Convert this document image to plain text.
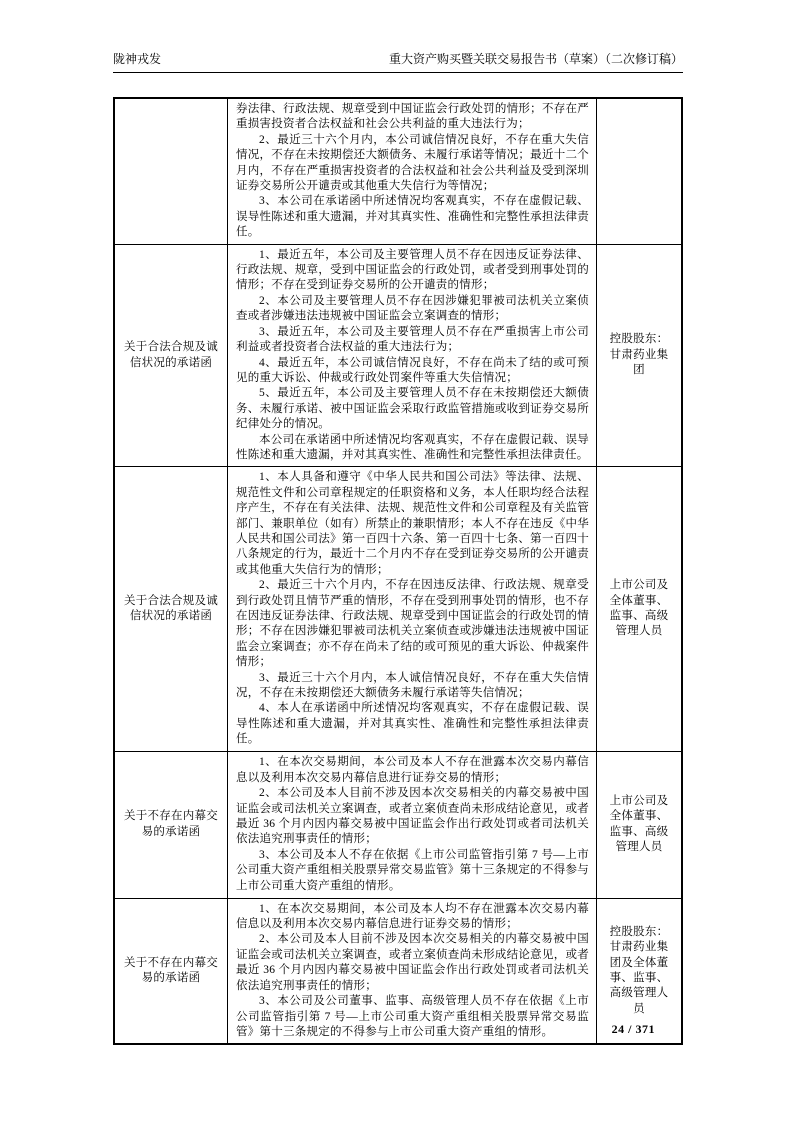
陇神戎发	重大资产购买暨关联交易报告书（草案）（二次修订稿）

券法律、行政法规、规章受到中国证监会行政处罚的情形；不存在严重损害投资者合法权益和社会公共利益的重大违法行为；

2、最近三十六个月内，本公司诚信情况良好，不存在重大失信情况，不存在未按期偿还大额债务、未履行承诺等情况；最近十二个月内，不存在严重损害投资者的合法权益和社会公共利益及受到深圳证券交易所公开谴责或其他重大失信行为等情况；

3、本公司在承诺函中所述情况均客观真实，不存在虚假记载、误导性陈述和重大遗漏，并对其真实性、准确性和完整性承担法律责任。

关于合法合规及诚信状况的承诺函

1、最近五年，本公司及主要管理人员不存在因违反证券法律、行政法规、规章，受到中国证监会的行政处罚，或者受到刑事处罚的情形；不存在受到证券交易所的公开谴责的情形；

2、本公司及主要管理人员不存在因涉嫌犯罪被司法机关立案侦查或者涉嫌违法违规被中国证监会立案调查的情形；

3、最近五年，本公司及主要管理人员不存在严重损害上市公司利益或者投资者合法权益的重大违法行为；

4、最近五年，本公司诚信情况良好，不存在尚未了结的或可预见的重大诉讼、仲裁或行政处罚案件等重大失信情况；

5、最近五年，本公司及主要管理人员不存在未按期偿还大额债务、未履行承诺、被中国证监会采取行政监管措施或收到证券交易所纪律处分的情况。

本公司在承诺函中所述情况均客观真实，不存在虚假记载、误导性陈述和重大遗漏，并对其真实性、准确性和完整性承担法律责任。

控股股东：甘肃药业集团
关于合法合规及诚信状况的承诺函

1、本人具备和遵守《中华人民共和国公司法》等法律、法规、规范性文件和公司章程规定的任职资格和义务，本人任职均经合法程序产生，不存在有关法律、法规、规范性文件和公司章程及有关监管部门、兼职单位（如有）所禁止的兼职情形；本人不存在违反《中华人民共和国公司法》第一百四十六条、第一百四十七条、第一百四十八条规定的行为，最近十二个月内不存在受到证券交易所的公开谴责或其他重大失信行为的情形；

2、最近三十六个月内，不存在因违反法律、行政法规、规章受到行政处罚且情节严重的情形，不存在受到刑事处罚的情形，也不存在因违反证券法律、行政法规、规章受到中国证监会的行政处罚的情形；不存在因涉嫌犯罪被司法机关立案侦查或涉嫌违法违规被中国证监会立案调查；亦不存在尚未了结的或可预见的重大诉讼、仲裁案件情形；

3、最近三十六个月内，本人诚信情况良好，不存在重大失信情况，不存在未按期偿还大额债务未履行承诺等失信情况；

4、本人在承诺函中所述情况均客观真实，不存在虚假记载、误导性陈述和重大遗漏，并对其真实性、准确性和完整性承担法律责任。

上市公司及全体董事、监事、高级管理人员
关于不存在内幕交易的承诺函

1、在本次交易期间，本公司及本人不存在泄露本次交易内幕信息以及利用本次交易内幕信息进行证券交易的情形；

2、本公司及本人目前不涉及因本次交易相关的内幕交易被中国证监会或司法机关立案调查，或者立案侦查尚未形成结论意见，或者最近 36 个月内因内幕交易被中国证监会作出行政处罚或者司法机关依法追究刑事责任的情形；

3、本公司及本人不存在依据《上市公司监管指引第 7 号—上市公司重大资产重组相关股票异常交易监管》第十三条规定的不得参与上市公司重大资产重组的情形。

上市公司及全体董事、监事、高级管理人员
关于不存在内幕交易的承诺函

1、在本次交易期间，本公司及本人均不存在泄露本次交易内幕信息以及利用本次交易内幕信息进行证券交易的情形；

2、本公司及本人目前不涉及因本次交易相关的内幕交易被中国证监会或司法机关立案调查，或者立案侦查尚未形成结论意见，或者最近 36 个月内因内幕交易被中国证监会作出行政处罚或者司法机关依法追究刑事责任的情形；

3、本公司及公司董事、监事、高级管理人员不存在依据《上市公司监管指引第 7 号—上市公司重大资产重组相关股票异常交易监管》第十三条规定的不得参与上市公司重大资产重组的情形。

控股股东：甘肃药业集团及全体董事、监事、高级管理人员
24 / 371
